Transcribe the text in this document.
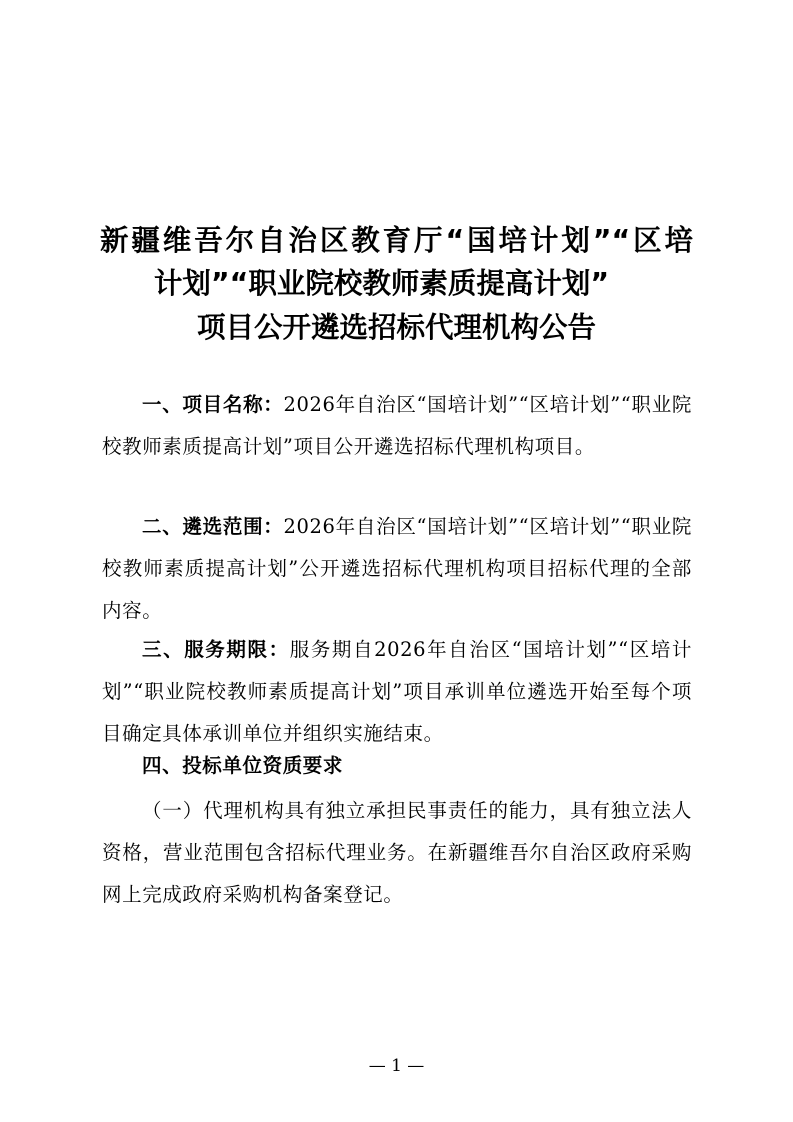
新疆维吾尔自治区教育厅“国培计划”“区培

计划”“职业院校教师素质提高计划”

项目公开遴选招标代理机构公告

一、项目名称：2026年自治区“国培计划”“区培计划”“职业院校教师素质提高计划”项目公开遴选招标代理机构项目。

二、遴选范围：2026年自治区“国培计划”“区培计划”“职业院校教师素质提高计划”公开遴选招标代理机构项目招标代理的全部内容。

三、服务期限：服务期自2026年自治区“国培计划”“区培计划”“职业院校教师素质提高计划”项目承训单位遴选开始至每个项目确定具体承训单位并组织实施结束。

四、投标单位资质要求

（一）代理机构具有独立承担民事责任的能力，具有独立法人资格，营业范围包含招标代理业务。在新疆维吾尔自治区政府采购网上完成政府采购机构备案登记。

— 1 —
